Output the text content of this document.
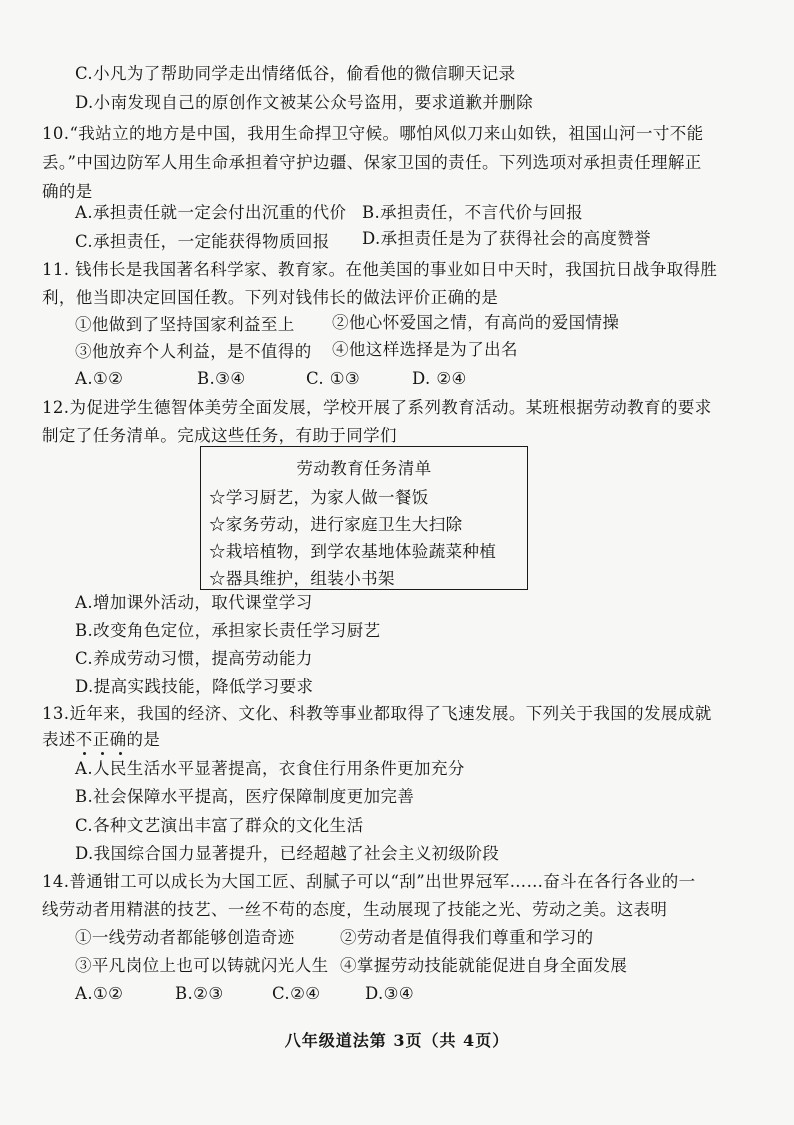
C.小凡为了帮助同学走出情绪低谷，偷看他的微信聊天记录
D.小南发现自己的原创作文被某公众号盗用，要求道歉并删除
10.“我站立的地方是中国，我用生命捍卫守候。哪怕风似刀来山如铁，祖国山河一寸不能
丢。”中国边防军人用生命承担着守护边疆、保家卫国的责任。下列选项对承担责任理解正
确的是
A.承担责任就一定会付出沉重的代价 B.承担责任，不言代价与回报
C.承担责任，一定能获得物质回报 D.承担责任是为了获得社会的高度赞誉
11. 钱伟长是我国著名科学家、教育家。在他美国的事业如日中天时，我国抗日战争取得胜
利，他当即决定回国任教。下列对钱伟长的做法评价正确的是
①他做到了坚持国家利益至上 ②他心怀爱国之情，有高尚的爱国情操
③他放弃个人利益，是不值得的 ④他这样选择是为了出名
A.①②	B.③④	C. ①③	D. ②④
12.为促进学生德智体美劳全面发展，学校开展了系列教育活动。某班根据劳动教育的要求
制定了任务清单。完成这些任务，有助于同学们
劳动教育任务清单
☆学习厨艺，为家人做一餐饭
☆家务劳动，进行家庭卫生大扫除
☆栽培植物，到学农基地体验蔬菜种植
☆器具维护，组装小书架
A.增加课外活动，取代课堂学习
B.改变角色定位，承担家长责任学习厨艺
C.养成劳动习惯，提高劳动能力
D.提高实践技能，降低学习要求
13.近年来，我国的经济、文化、科教等事业都取得了飞速发展。下列关于我国的发展成就
表述不正确的是
A.人民生活水平显著提高，衣食住行用条件更加充分
B.社会保障水平提高，医疗保障制度更加完善
C.各种文艺演出丰富了群众的文化生活
D.我国综合国力显著提升，已经超越了社会主义初级阶段
14.普通钳工可以成长为大国工匠、刮腻子可以“刮”出世界冠军……奋斗在各行各业的一
线劳动者用精湛的技艺、一丝不苟的态度，生动展现了技能之光、劳动之美。这表明
①一线劳动者都能够创造奇迹	②劳动者是值得我们尊重和学习的
③平凡岗位上也可以铸就闪光人生 ④掌握劳动技能就能促进自身全面发展
A.①②	B.②③	C.②④	D.③④
八年级道法第 3页（共 4页）
